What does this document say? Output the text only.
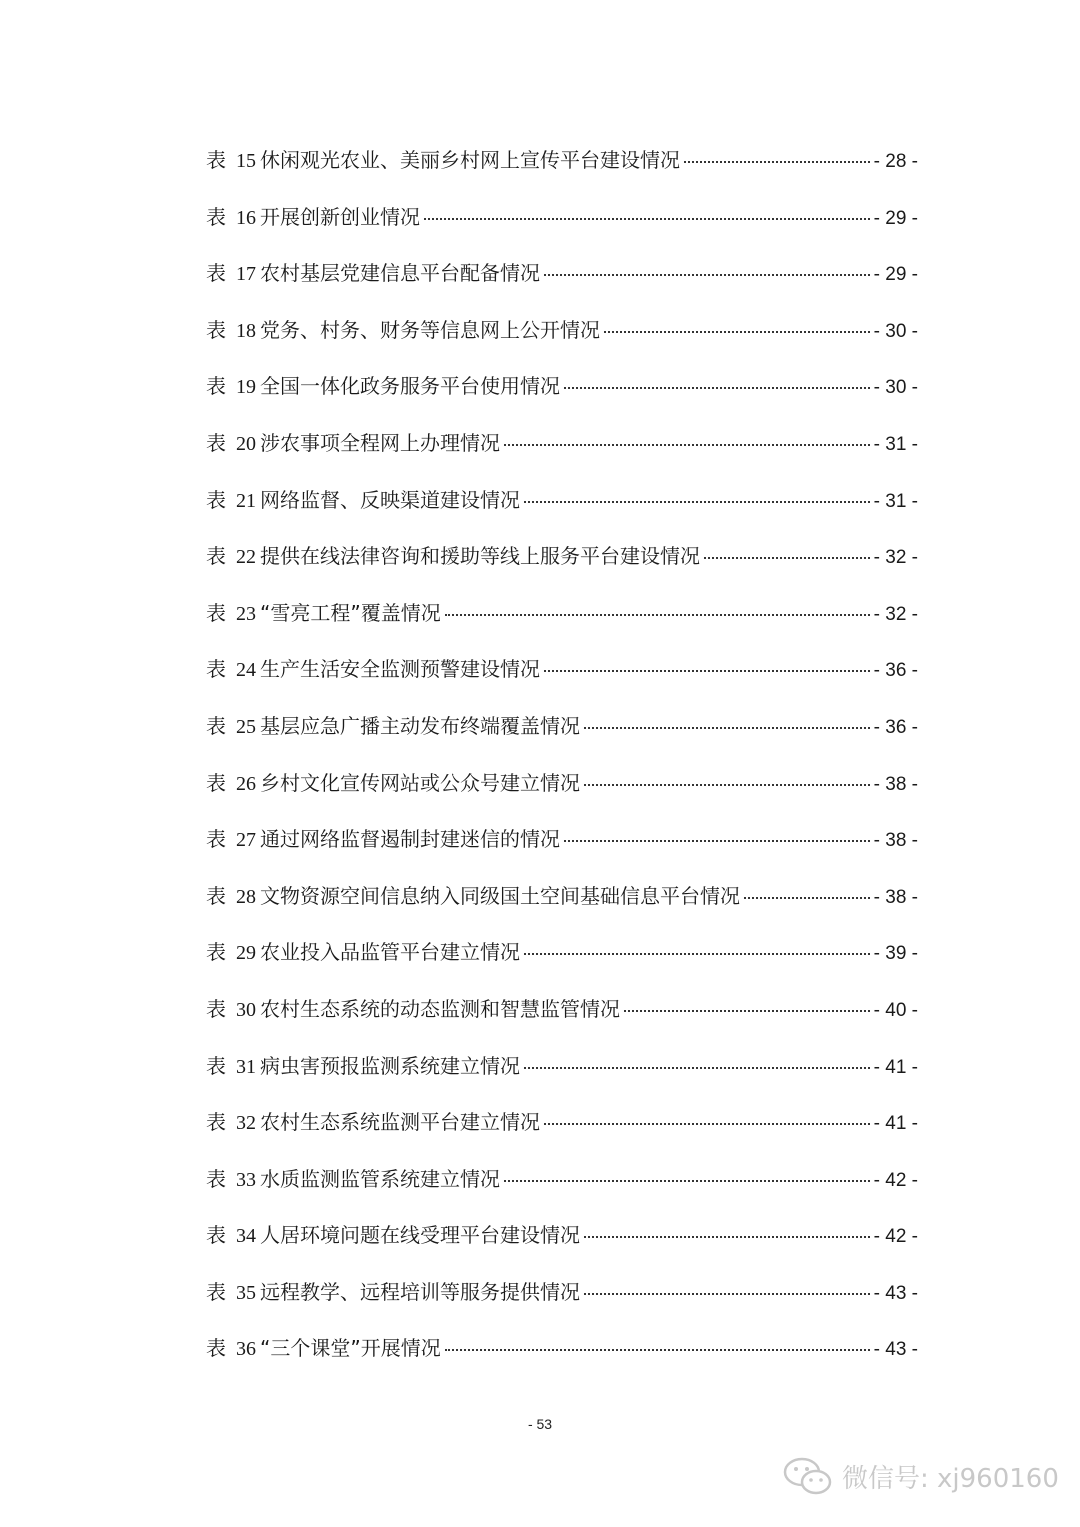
表 15 休闲观光农业、美丽乡村网上宣传平台建设情况	- 28 -
表 16 开展创新创业情况	- 29 -
表 17 农村基层党建信息平台配备情况	- 29 -
表 18 党务、村务、财务等信息网上公开情况	- 30 -
表 19 全国一体化政务服务平台使用情况	- 30 -
表 20 涉农事项全程网上办理情况	- 31 -
表 21 网络监督、反映渠道建设情况	- 31 -
表 22 提供在线法律咨询和援助等线上服务平台建设情况	- 32 -
表 23 “雪亮工程”覆盖情况	- 32 -
表 24 生产生活安全监测预警建设情况	- 36 -
表 25 基层应急广播主动发布终端覆盖情况	- 36 -
表 26 乡村文化宣传网站或公众号建立情况	- 38 -
表 27 通过网络监督遏制封建迷信的情况	- 38 -
表 28 文物资源空间信息纳入同级国土空间基础信息平台情况	- 38 -
表 29 农业投入品监管平台建立情况	- 39 -
表 30 农村生态系统的动态监测和智慧监管情况	- 40 -
表 31 病虫害预报监测系统建立情况	- 41 -
表 32 农村生态系统监测平台建立情况	- 41 -
表 33 水质监测监管系统建立情况	- 42 -
表 34 人居环境问题在线受理平台建设情况	- 42 -
表 35 远程教学、远程培训等服务提供情况	- 43 -
表 36 “三个课堂”开展情况	- 43 -
- 53
微信号: xj960160
